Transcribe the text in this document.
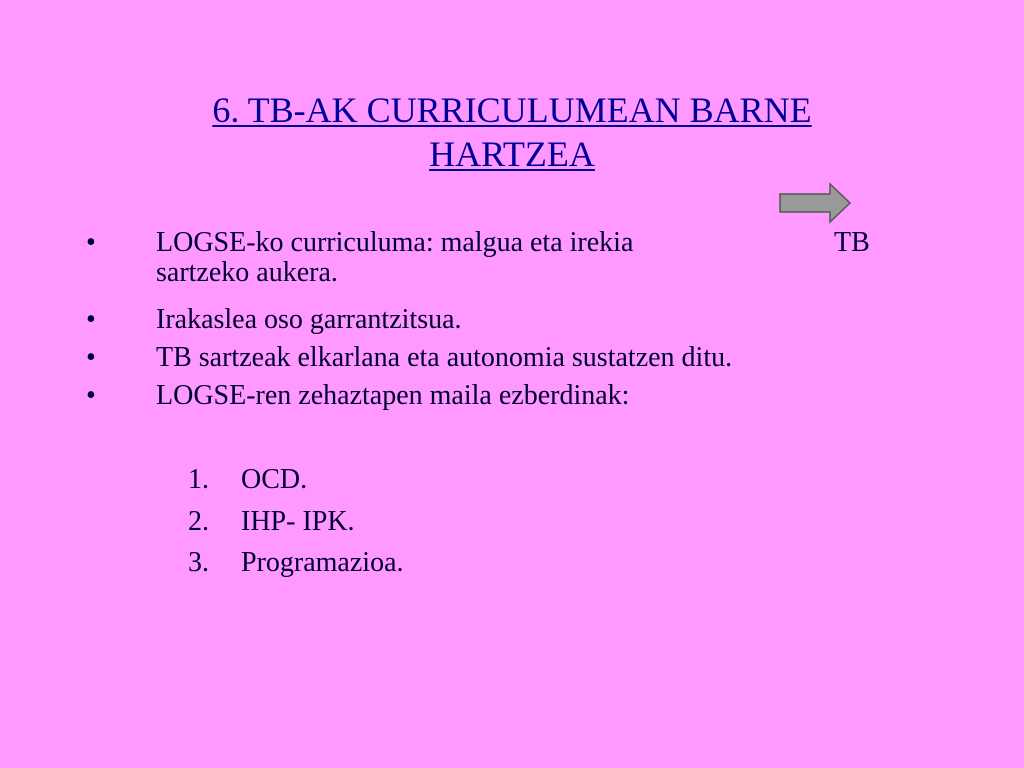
6. TB-AK CURRICULUMEAN BARNE
HARTZEA
• LOGSE-ko curriculuma: malgua eta irekia	TB
sartzeko aukera.
• Irakaslea oso garrantzitsua.
• TB sartzeak elkarlana eta autonomia sustatzen ditu.
• LOGSE-ren zehaztapen maila ezberdinak:
1. OCD.
2. IHP- IPK.
3. Programazioa.
